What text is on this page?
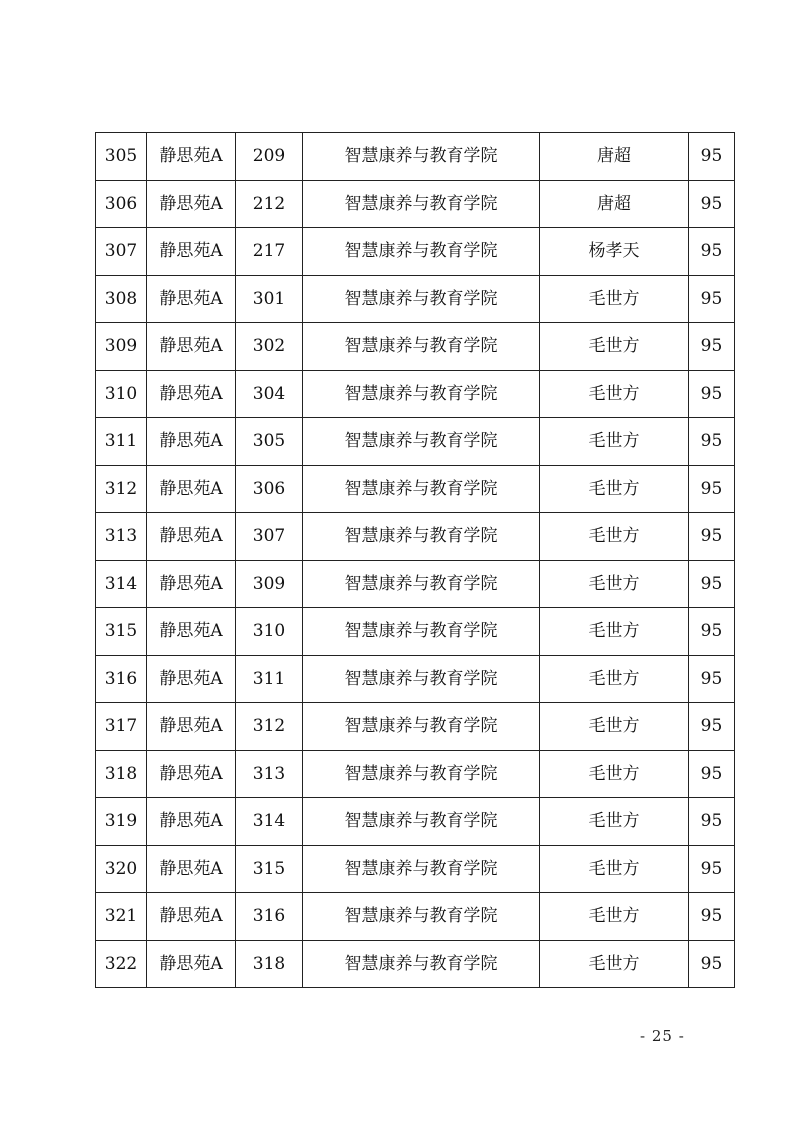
305	静思苑A	209	智慧康养与教育学院	唐超	95
306	静思苑A	212	智慧康养与教育学院	唐超	95
307	静思苑A	217	智慧康养与教育学院	杨孝天	95
308	静思苑A	301	智慧康养与教育学院	毛世方	95
309	静思苑A	302	智慧康养与教育学院	毛世方	95
310	静思苑A	304	智慧康养与教育学院	毛世方	95
311	静思苑A	305	智慧康养与教育学院	毛世方	95
312	静思苑A	306	智慧康养与教育学院	毛世方	95
313	静思苑A	307	智慧康养与教育学院	毛世方	95
314	静思苑A	309	智慧康养与教育学院	毛世方	95
315	静思苑A	310	智慧康养与教育学院	毛世方	95
316	静思苑A	311	智慧康养与教育学院	毛世方	95
317	静思苑A	312	智慧康养与教育学院	毛世方	95
318	静思苑A	313	智慧康养与教育学院	毛世方	95
319	静思苑A	314	智慧康养与教育学院	毛世方	95
320	静思苑A	315	智慧康养与教育学院	毛世方	95
321	静思苑A	316	智慧康养与教育学院	毛世方	95
322	静思苑A	318	智慧康养与教育学院	毛世方	95
- 25 -
